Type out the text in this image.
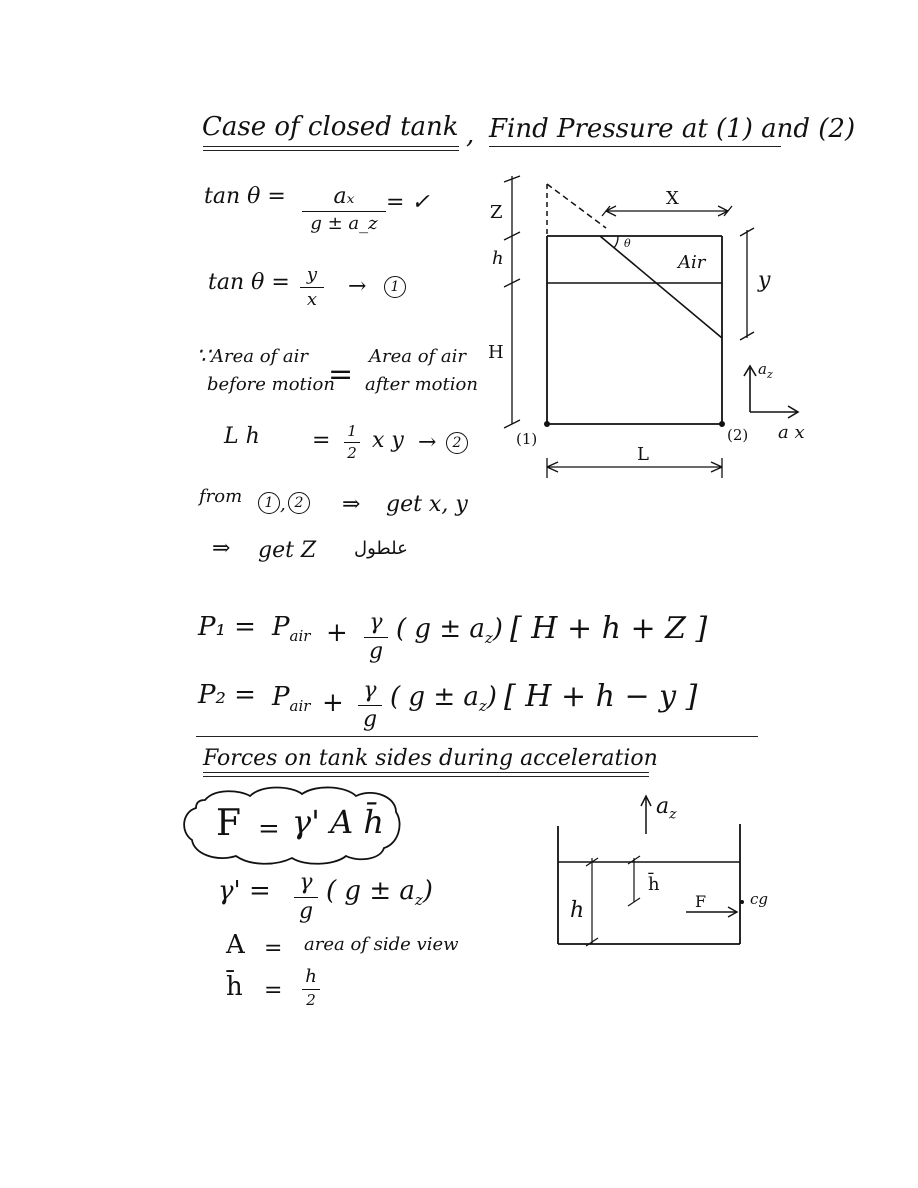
Case of closed tank , Find Pressure at (1) and (2)
tan θ = aₓ
g ± a_z
= ✓
tan θ = y
x
→	1
∵ Area of air
before motion
=
Area of air
after motion
L h = 1
2 x y →	2
from	1 , 2 ⇒ get x, y
⇒ get Z علطول
$P_1 = P_{air} + \gamma$
g
( $g \pm a_z$) [ H + h + Z ]
$P_2 = P_{air} + \gamma$
g
( $g \pm a_z$) [ H + h − y ]
Forces on tank sides during acceleration
F = γ' A h̄
γ' = γ
g
( $g \pm a_z$)
A = area of side view
h̄ =
h
2
Z
h
H
X
θ
Air
y
$a_z$
a x
(1)	(2)
L
$a_z$
h̄
h	F	cg
